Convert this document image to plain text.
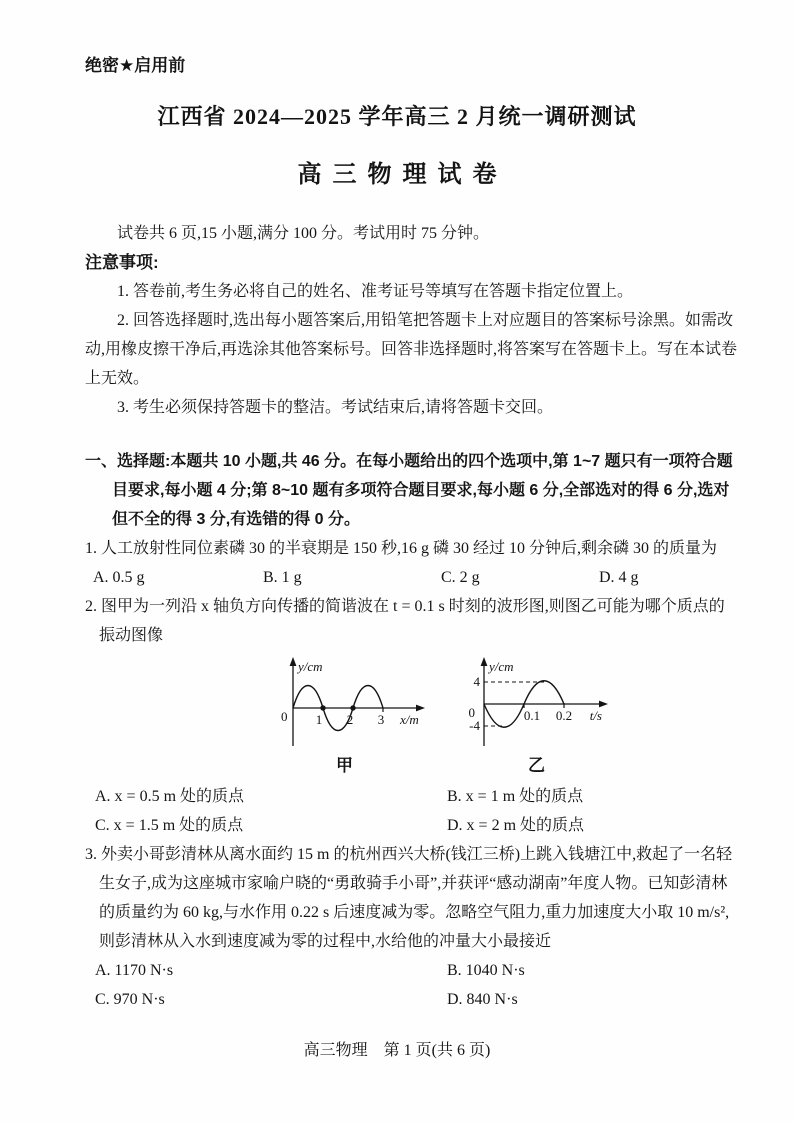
绝密★启用前
江西省 2024—2025 学年高三 2 月统一调研测试
高三物理试卷

试卷共 6 页,15 小题,满分 100 分。考试用时 75 分钟。

注意事项:

1. 答卷前,考生务必将自己的姓名、准考证号等填写在答题卡指定位置上。

2. 回答选择题时,选出每小题答案后,用铅笔把答题卡上对应题目的答案标号涂黑。如需改动,用橡皮擦干净后,再选涂其他答案标号。回答非选择题时,将答案写在答题卡上。写在本试卷上无效。

3. 考生必须保持答题卡的整洁。考试结束后,请将答题卡交回。

一、选择题:本题共 10 小题,共 46 分。在每小题给出的四个选项中,第 1~7 题只有一项符合题目要求,每小题 4 分;第 8~10 题有多项符合题目要求,每小题 6 分,全部选对的得 6 分,选对但不全的得 3 分,有选错的得 0 分。

1. 人工放射性同位素磷 30 的半衰期是 150 秒,16 g 磷 30 经过 10 分钟后,剩余磷 30 的质量为

A. 0.5 g	B. 1 g	C. 2 g	D. 4 g

2. 图甲为一列沿 x 轴负方向传播的简谐波在 t = 0.1 s 时刻的波形图,则图乙可能为哪个质点的振动图像

y/cm
x/m
0 1 2 3
甲
y/cm
t/s
4
-4
0	0.1 0.2
乙
A. x = 0.5 m 处的质点	B. x = 1 m 处的质点
C. x = 1.5 m 处的质点	D. x = 2 m 处的质点

3. 外卖小哥彭清林从离水面约 15 m 的杭州西兴大桥(钱江三桥)上跳入钱塘江中,救起了一名轻生女子,成为这座城市家喻户晓的“勇敢骑手小哥”,并获评“感动湖南”年度人物。已知彭清林的质量约为 60 kg,与水作用 0.22 s 后速度减为零。忽略空气阻力,重力加速度大小取 10 m/s²,则彭清林从入水到速度减为零的过程中,水给他的冲量大小最接近

A. 1170 N·s	B. 1040 N·s
C. 970 N·s	D. 840 N·s
高三物理　第 1 页(共 6 页)
